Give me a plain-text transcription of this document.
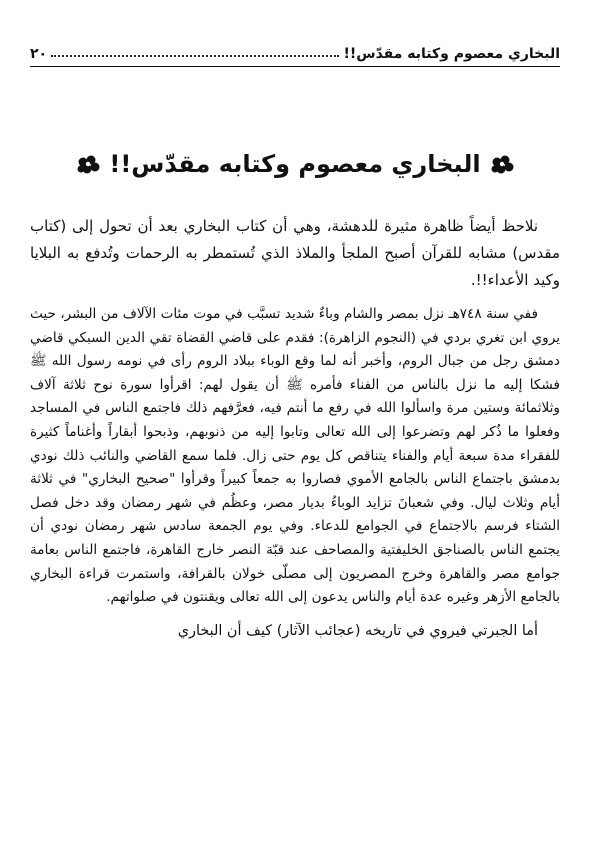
البخاري معصوم وكتابه مقدّس!!
٢٠
البخاري معصوم وكتابه مقدّس!!

نلاحظ أيضاً ظاهرة مثيرة للدهشة، وهي أن كتاب البخاري بعد أن تحول إلى (كتاب مقدس) مشابه للقرآن أصبح الملجأ والملاذ الذي تُستمطر به الرحمات وتُدفع به البلايا وكيد الأعداء!!.

ففي سنة ٧٤٨هـ نزل بمصر والشام وباءٌ شديد تسبَّب في موت مئات الآلاف من البشر، حيث يروي ابن تغري بردي في (النجوم الزاهرة): فقدم على قاضي القضاة تقي الدين السبكي قاضي دمشق رجل من جبال الروم، وأخبر أنه لما وقع الوباء ببلاد الروم رأى في نومه رسول الله ﷺ فشكا إليه ما نزل بالناس من الفناء فأمره ﷺ أن يقول لهم: اقرأوا سورة نوح ثلاثة آلاف وثلاثمائة وستين مرة واسألوا الله في رفع ما أنتم فيه، فعرَّفهم ذلك فاجتمع الناس في المساجد وفعلوا ما ذُكر لهم وتضرعوا إلى الله تعالى وتابوا إليه من ذنوبهم، وذبحوا أبقاراً وأغناماً كثيرة للفقراء مدة سبعة أيام والفناء يتناقص كل يوم حتى زال. فلما سمع القاضي والنائب ذلك نودي بدمشق باجتماع الناس بالجامع الأموي فصاروا به جمعاً كبيراً وقرأوا "صحيح البخاري" في ثلاثة أيام وثلاث ليال. وفي شعبانَ تزايد الوباءُ بديار مصر، وعظُم في شهر رمضان وقد دخل فصل الشتاء فرسم بالاجتماع في الجوامع للدعاء. وفي يوم الجمعة سادس شهر رمضان نودي أن يجتمع الناس بالصناجق الخليفتية والمصاحف عند قبّة النصر خارج القاهرة، فاجتمع الناس بعامة جوامع مصر والقاهرة وخرج المصريون إلى مصلّى خولان بالقرافة، واستمرت قراءة البخاري بالجامع الأزهر وغيره عدة أيام والناس يدعون إلى الله تعالى ويقنتون في صلواتهم.

أما الجبرتي فيروي في تاريخه (عجائب الآثار) كيف أن البخاري
